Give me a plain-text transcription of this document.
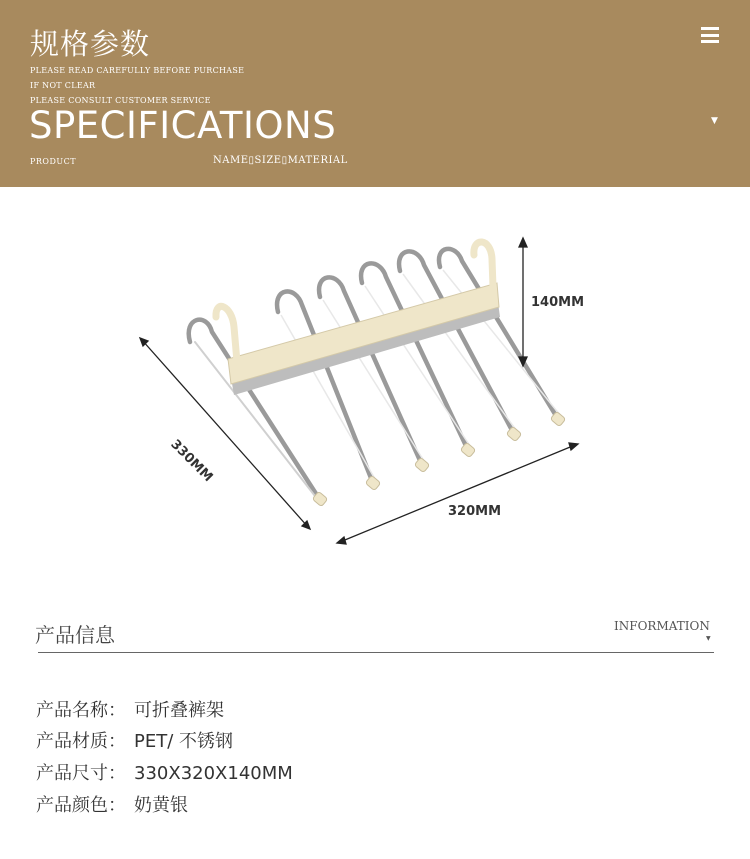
规格参数
PLEASE READ CAREFULLY BEFORE PURCHASE
IF NOT CLEAR
PLEASE CONSULT CUSTOMER SERVICE
SPECIFICATIONS
PRODUCT	NAME▯SIZE▯MATERIAL
▼
140MM
320MM
330MM
产品信息	INFORMATION
▼
产品名称： 可折叠裤架
产品材质： PET/ 不锈钢
产品尺寸： 330X320X140MM
产品颜色： 奶黄银
